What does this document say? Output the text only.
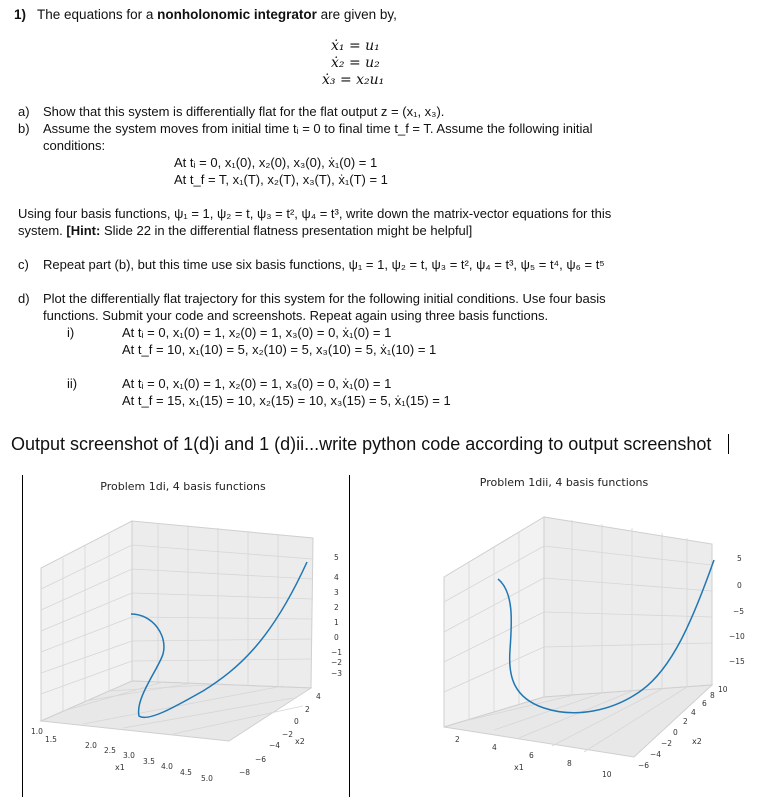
1) The equations for a nonholonomic integrator are given by,
ẋ₁ = u₁
ẋ₂ = u₂
ẋ₃ = x₂u₁
a) Show that this system is differentially flat for the flat output z = (x₁, x₃).
b) Assume the system moves from initial time tᵢ = 0 to final time t_f = T. Assume the following initial
conditions:
At tᵢ = 0, x₁(0), x₂(0), x₃(0), ẋ₁(0) = 1
At t_f = T, x₁(T), x₂(T), x₃(T), ẋ₁(T) = 1
Using four basis functions, ψ₁ = 1, ψ₂ = t, ψ₃ = t², ψ₄ = t³, write down the matrix-vector equations for this
system. [Hint: Slide 22 in the differential flatness presentation might be helpful]
c) Repeat part (b), but this time use six basis functions, ψ₁ = 1, ψ₂ = t, ψ₃ = t², ψ₄ = t³, ψ₅ = t⁴, ψ₆ = t⁵
d) Plot the differentially flat trajectory for this system for the following initial conditions. Use four basis
functions. Submit your code and screenshots. Repeat again using three basis functions.
i)	At tᵢ = 0, x₁(0) = 1, x₂(0) = 1, x₃(0) = 0, ẋ₁(0) = 1
At t_f = 10, x₁(10) = 5, x₂(10) = 5, x₃(10) = 5, ẋ₁(10) = 1
ii)	At tᵢ = 0, x₁(0) = 1, x₂(0) = 1, x₃(0) = 0, ẋ₁(0) = 1
At t_f = 15, x₁(15) = 10, x₂(15) = 10, x₃(15) = 5, ẋ₁(15) = 1
Output screenshot of 1(d)i and 1 (d)ii...write python code according to output screenshot
Problem 1di, 4 basis functions
1.0
1.5
2.0
2.5
3.0
3.5
4.0
4.5
5.0
x1
−8
−6
−4
−2
0
2
4
x2
5
4
3
2
1
0
−1
−2
−3
Problem 1dii, 4 basis functions
2
4
6
8
10
x1	−6
−4
−2
0
2
4
6
8
10
x2
5
0
−5
−10
−15
